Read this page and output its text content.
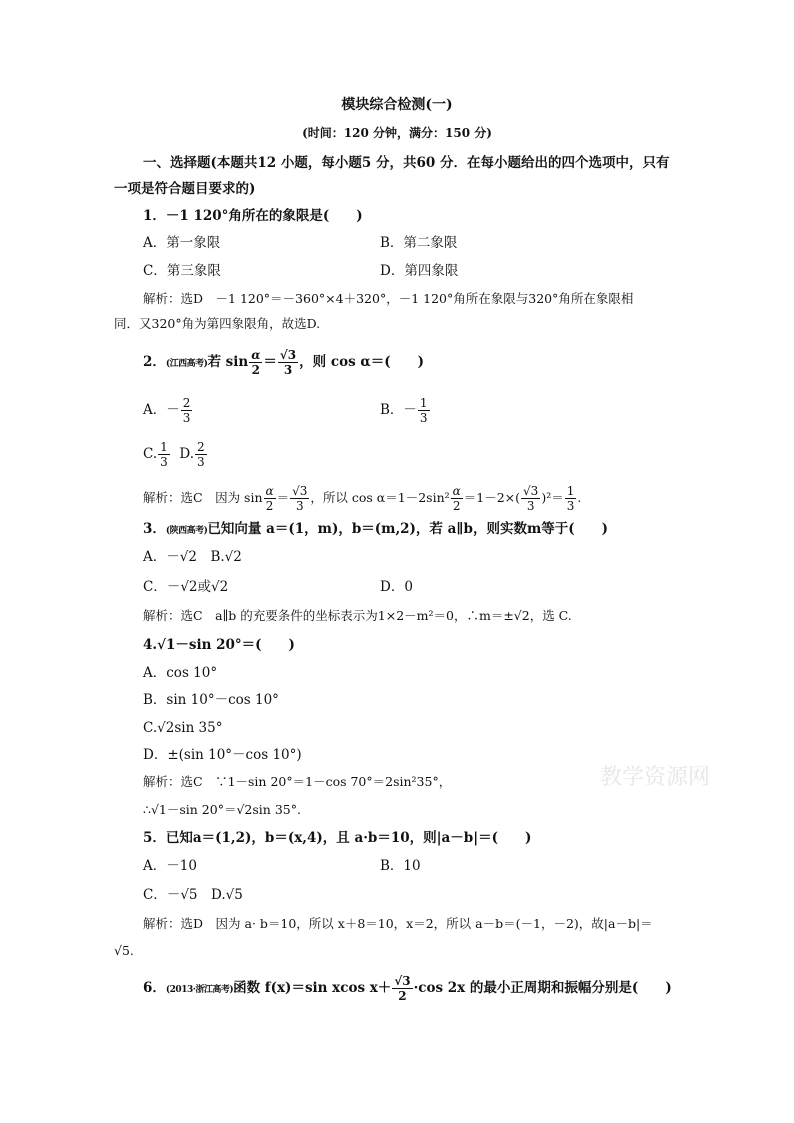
模块综合检测(一)
(时间：120 分钟，满分：150 分)
一、选择题(本题共12 小题，每小题5 分，共60 分．在每小题给出的四个选项中，只有
一项是符合题目要求的)
1．－1 120°角所在的象限是(　　)
A．第一象限	B．第二象限
C．第三象限	D．第四象限
解析：选D　－1 120°＝－360°×4＋320°，－1 120°角所在象限与320°角所在象限相
同．又320°角为第四象限角，故选D.
2．(江西高考)若 $\sin \frac{\alpha}{2} = \frac{√3}{3}$ ，则 cos α＝(　　)
A．－ $\frac{2}{3}$	B．－ $\frac{1}{3}$
C. $\frac{1}{3} D$. $\frac{2}{3}$
解析：选C　因为 $\sin \frac{\alpha}{2} = \frac{√3}{3}$ ，所以 $\cos \alpha=1-2\sin^2 \frac{\alpha}{2} =1-2\times( \frac{√3}{3} )^2= \frac{1}{3}$ .
3．(陕西高考)已知向量 a＝(1，m)，b＝(m,2)，若 a∥b，则实数m等于(　　)
A．－√2　B.√2
C．－√2或√2	D．0
解析：选C　a∥b 的充要条件的坐标表示为1×2－m²＝0，∴m＝±√2，选 C.
4.√1－sin 20°＝(　　)
A．cos 10°
B．sin 10°－cos 10°
C.√2sin 35°
D．±(sin 10°－cos 10°)
解析：选C　∵1－sin 20°＝1－cos 70°＝2sin²35°，
∴√1－sin 20°＝√2sin 35°.
5．已知a＝(1,2)，b＝(x,4)，且 a·b＝10，则|a－b|＝(　　)
A．－10	B．10
C．－√5　D.√5
解析：选D　因为 a· b＝10，所以 x＋8＝10，x＝2，所以 a－b＝(－1，－2)，故|a－b|＝
√5.
6．(2013·浙江高考)函数 f(x)＝sin xcos $x+ \frac{√3}{2} \cdot\cos$ 2x 的最小正周期和振幅分别是(　　)
教学资源网
